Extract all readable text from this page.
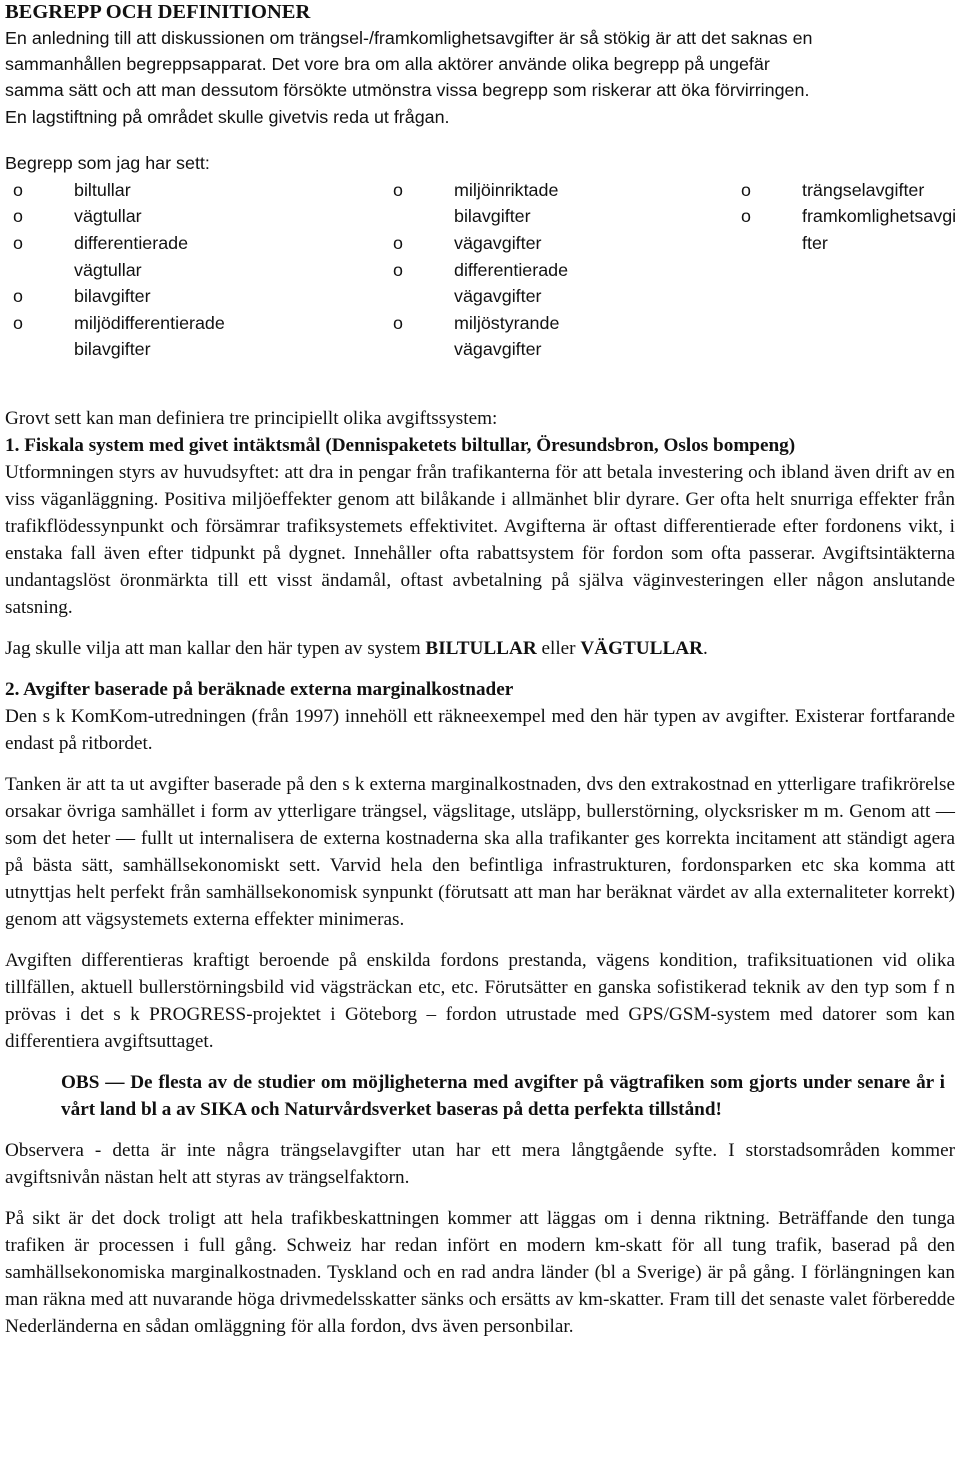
BEGREPP OCH DEFINITIONER

En anledning till att diskussionen om trängsel-/framkomlighetsavgifter är så stökig är att det saknas en
sammanhållen begreppsapparat. Det vore bra om alla aktörer använde olika begrepp på ungefär
samma sätt och att man dessutom försökte utmönstra vissa begrepp som riskerar att öka förvirringen.
En lagstiftning på området skulle givetvis reda ut frågan.

Begrepp som jag har sett:

o	biltullar
o	vägtullar
o	differentierade
vägtullar
o	bilavgifter
o	miljödifferentierade
bilavgifter
o	miljöinriktade
bilavgifter
o	vägavgifter
o	differentierade
vägavgifter
o	miljöstyrande
vägavgifter
o	trängselavgifter
o	framkomlighetsavgi
fter

Grovt sett kan man definiera tre principiellt olika avgiftssystem:

1. Fiskala system med givet intäktsmål (Dennispaketets biltullar, Öresundsbron, Oslos bompeng)

Utformningen styrs av huvudsyftet: att dra in pengar från trafikanterna för att betala investering och ibland även drift av en viss väganläggning. Positiva miljöeffekter genom att bilåkande i allmänhet blir dyrare. Ger ofta helt snurriga effekter från trafikflödessynpunkt och försämrar trafiksystemets effektivitet. Avgifterna är oftast differentierade efter fordonens vikt, i enstaka fall även efter tidpunkt på dygnet. Innehåller ofta rabattsystem för fordon som ofta passerar. Avgiftsintäkterna undantagslöst öronmärkta till ett visst ändamål, oftast avbetalning på själva väginvesteringen eller någon anslutande satsning.

Jag skulle vilja att man kallar den här typen av system BILTULLAR eller VÄGTULLAR.

2. Avgifter baserade på beräknade externa marginalkostnader

Den s k KomKom-utredningen (från 1997) innehöll ett räkneexempel med den här typen av avgifter. Existerar fortfarande endast på ritbordet.

Tanken är att ta ut avgifter baserade på den s k externa marginalkostnaden, dvs den extrakostnad en ytterligare trafikrörelse orsakar övriga samhället i form av ytterligare trängsel, vägslitage, utsläpp, bullerstörning, olycksrisker m m. Genom att — som det heter — fullt ut internalisera de externa kostnaderna ska alla trafikanter ges korrekta incitament att ständigt agera på bästa sätt, samhällsekonomiskt sett. Varvid hela den befintliga infrastrukturen, fordonsparken etc ska komma att utnyttjas helt perfekt från samhällsekonomisk synpunkt (förutsatt att man har beräknat värdet av alla externaliteter korrekt) genom att vägsystemets externa effekter minimeras.

Avgiften differentieras kraftigt beroende på enskilda fordons prestanda, vägens kondition, trafiksituationen vid olika tillfällen, aktuell bullerstörningsbild vid vägsträckan etc, etc. Förutsätter en ganska sofistikerad teknik av den typ som f n prövas i det s k PROGRESS-projektet i Göteborg – fordon utrustade med GPS/GSM-system med datorer som kan differentiera avgiftsuttaget.

OBS — De flesta av de studier om möjligheterna med avgifter på vägtrafiken som gjorts under senare år i vårt land bl a av SIKA och Naturvårdsverket baseras på detta perfekta tillstånd!

Observera - detta är inte några trängselavgifter utan har ett mera långtgående syfte. I storstadsområden kommer avgiftsnivån nästan helt att styras av trängselfaktorn.

På sikt är det dock troligt att hela trafikbeskattningen kommer att läggas om i denna riktning. Beträffande den tunga trafiken är processen i full gång. Schweiz har redan infört en modern km-skatt för all tung trafik, baserad på den samhällsekonomiska marginalkostnaden. Tyskland och en rad andra länder (bl a Sverige) är på gång. I förlängningen kan man räkna med att nuvarande höga drivmedelsskatter sänks och ersätts av km-skatter. Fram till det senaste valet förberedde Nederländerna en sådan omläggning för alla fordon, dvs även personbilar.
